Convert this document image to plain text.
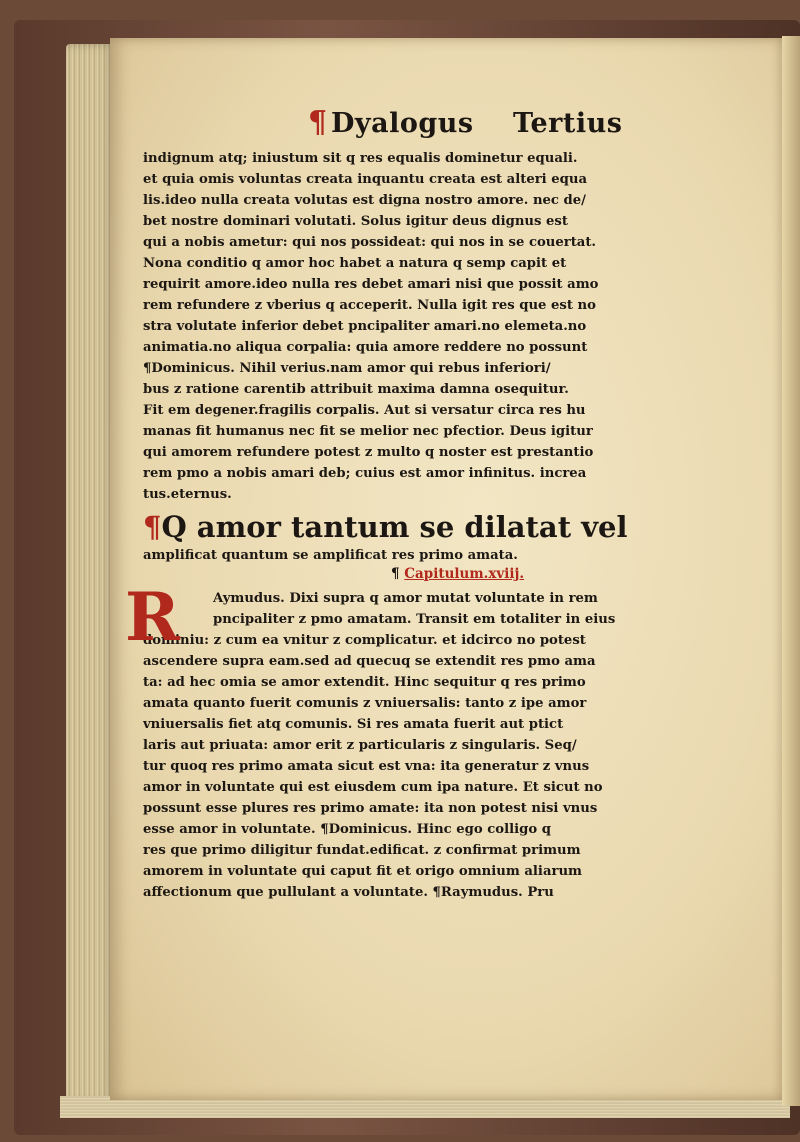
¶ Dyalogus Tertius
indignum atq; iniustum sit q res equalis dominetur equali.
et quia omis voluntas creata inquantu creata est alteri equa
lis.ideo nulla creata volutas est digna nostro amore. nec de/
bet nostre dominari volutati. Solus igitur deus dignus est
qui a nobis ametur: qui nos possideat: qui nos in se couertat.
Nona conditio q amor hoc habet a natura q semp capit et
requirit amore.ideo nulla res debet amari nisi que possit amo
rem refundere z vberius q acceperit. Nulla igit res que est no
stra volutate inferior debet pncipaliter amari.no elemeta.no
animatia.no aliqua corpalia: quia amore reddere no possunt
¶Dominicus. Nihil verius.nam amor qui rebus inferiori/
bus z ratione carentib attribuit maxima damna osequitur.
Fit em degener.fragilis corpalis. Aut si versatur circa res hu
manas fit humanus nec fit se melior nec pfectior. Deus igitur
qui amorem refundere potest z multo q noster est prestantio
rem pmo a nobis amari deb; cuius est amor infinitus. increa
tus.eternus.
¶Q amor tantum se dilatat vel
amplificat quantum se amplificat res primo amata.
¶ Capitulum.xviij.
R	Aymudus. Dixi supra q amor mutat voluntate in rem
pncipaliter z pmo amatam. Transit em totaliter in eius
dominiu: z cum ea vnitur z complicatur. et idcirco no potest
ascendere supra eam.sed ad quecuq se extendit res pmo ama
ta: ad hec omia se amor extendit. Hinc sequitur q res primo
amata quanto fuerit comunis z vniuersalis: tanto z ipe amor
vniuersalis fiet atq comunis. Si res amata fuerit aut ptict
laris aut priuata: amor erit z particularis z singularis. Seq/
tur quoq res primo amata sicut est vna: ita generatur z vnus
amor in voluntate qui est eiusdem cum ipa nature. Et sicut no
possunt esse plures res primo amate: ita non potest nisi vnus
esse amor in voluntate. ¶Dominicus. Hinc ego colligo q
res que primo diligitur fundat.edificat. z confirmat primum
amorem in voluntate qui caput fit et origo omnium aliarum
affectionum que pullulant a voluntate. ¶Raymudus. Pru
